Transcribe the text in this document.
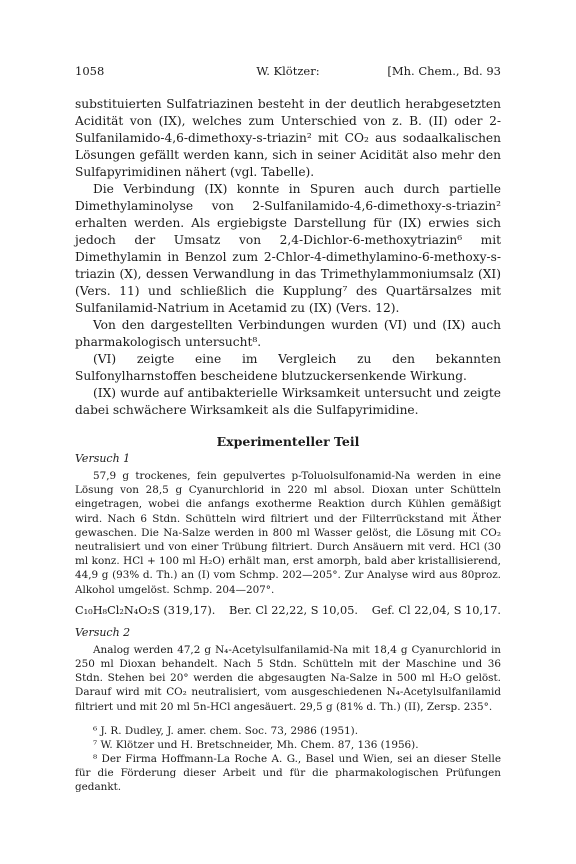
1058	W. Klötzer:	[Mh. Chem., Bd. 93

substituierten Sulfatriazinen besteht in der deutlich herabgesetzten Acidität von (IX), welches zum Unterschied von z. B. (II) oder 2-Sulfanilamido-4,6-dimethoxy-s-triazin² mit CO₂ aus sodaalkalischen Lösungen gefällt werden kann, sich in seiner Acidität also mehr den Sulfapyrimidinen nähert (vgl. Tabelle).

Die Verbindung (IX) konnte in Spuren auch durch partielle Dimethylaminolyse von 2-Sulfanilamido-4,6-dimethoxy-s-triazin² erhalten werden. Als ergiebigste Darstellung für (IX) erwies sich jedoch der Umsatz von 2,4-Dichlor-6-methoxytriazin⁶ mit Dimethylamin in Benzol zum 2-Chlor-4-dimethylamino-6-methoxy-s-triazin (X), dessen Verwandlung in das Trimethylammoniumsalz (XI) (Vers. 11) und schließlich die Kupplung⁷ des Quartärsalzes mit Sulfanilamid-Natrium in Acetamid zu (IX) (Vers. 12).

Von den dargestellten Verbindungen wurden (VI) und (IX) auch pharmakologisch untersucht⁸.

(VI) zeigte eine im Vergleich zu den bekannten Sulfonylharnstoffen bescheidene blutzuckersenkende Wirkung.

(IX) wurde auf antibakterielle Wirksamkeit untersucht und zeigte dabei schwächere Wirksamkeit als die Sulfapyrimidine.

Experimenteller Teil
Versuch 1

57,9 g trockenes, fein gepulvertes p-Toluolsulfonamid-Na werden in eine Lösung von 28,5 g Cyanurchlorid in 220 ml absol. Dioxan unter Schütteln eingetragen, wobei die anfangs exotherme Reaktion durch Kühlen gemäßigt wird. Nach 6 Stdn. Schütteln wird filtriert und der Filterrückstand mit Äther gewaschen. Die Na-Salze werden in 800 ml Wasser gelöst, die Lösung mit CO₂ neutralisiert und von einer Trübung filtriert. Durch Ansäuern mit verd. HCl (30 ml konz. HCl + 100 ml H₂O) erhält man, erst amorph, bald aber kristallisierend, 44,9 g (93% d. Th.) an (I) vom Schmp. 202—205°. Zur Analyse wird aus 80proz. Alkohol umgelöst. Schmp. 204—207°.

C₁₀H₈Cl₂N₄O₂S (319,17). Ber. Cl 22,22, S 10,05. Gef. Cl 22,04, S 10,17.
Versuch 2

Analog werden 47,2 g N₄-Acetylsulfanilamid-Na mit 18,4 g Cyanurchlorid in 250 ml Dioxan behandelt. Nach 5 Stdn. Schütteln mit der Maschine und 36 Stdn. Stehen bei 20° werden die abgesaugten Na-Salze in 500 ml H₂O gelöst. Darauf wird mit CO₂ neutralisiert, vom ausgeschiedenen N₄-Acetylsulfanilamid filtriert und mit 20 ml 5n-HCl angesäuert. 29,5 g (81% d. Th.) (II), Zersp. 235°.

⁶ J. R. Dudley, J. amer. chem. Soc. 73, 2986 (1951).

⁷ W. Klötzer und H. Bretschneider, Mh. Chem. 87, 136 (1956).

⁸ Der Firma Hoffmann-La Roche A. G., Basel und Wien, sei an dieser Stelle für die Förderung dieser Arbeit und für die pharmakologischen Prüfungen gedankt.
